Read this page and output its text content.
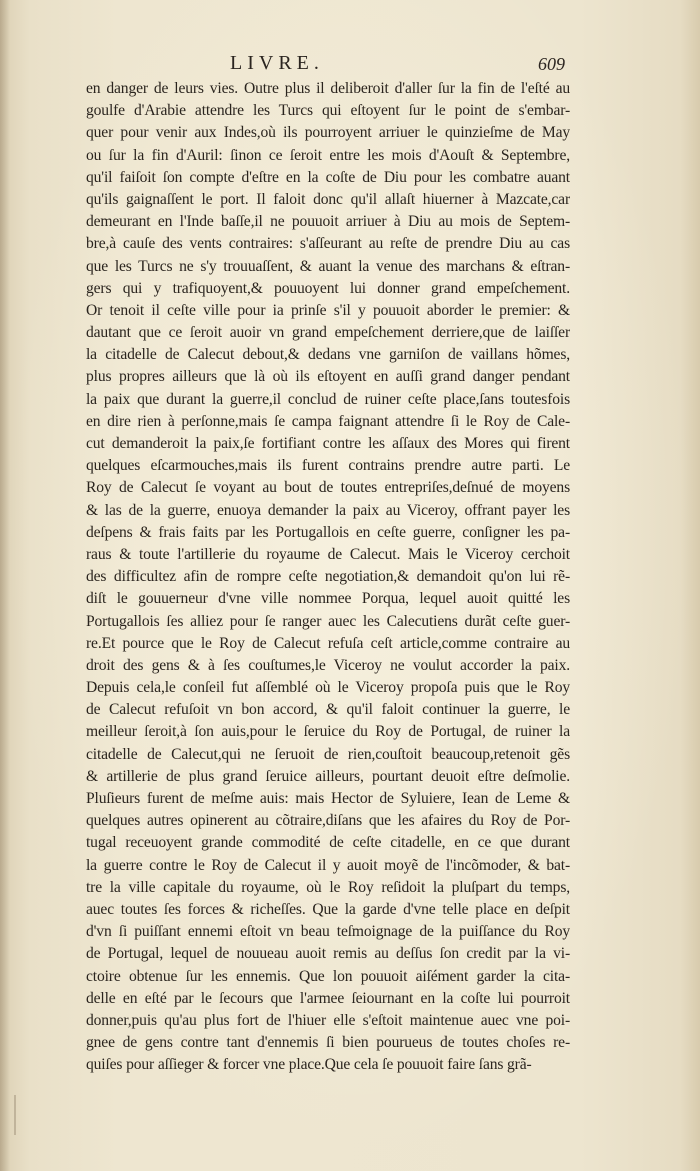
LIVRE.	609
en danger de leurs vies. Outre plus il deliberoit d'aller ſur la fin de l'eſté au
goulfe d'Arabie attendre les Turcs qui eſtoyent ſur le point de s'embar-
quer pour venir aux Indes,où ils pourroyent arriuer le quinzieſme de May
ou ſur la fin d'Auril: ſinon ce ſeroit entre les mois d'Aouſt & Septembre,
qu'il faiſoit ſon compte d'eſtre en la coſte de Diu pour les combatre auant
qu'ils gaignaſſent le port. Il faloit donc qu'il allaſt hiuerner à Mazcate,car
demeurant en l'Inde baſſe,il ne pouuoit arriuer à Diu au mois de Septem-
bre,à cauſe des vents contraires: s'aſſeurant au reſte de prendre Diu au cas
que les Turcs ne s'y trouuaſſent, & auant la venue des marchans & eſtran-
gers qui y trafiquoyent,& pouuoyent lui donner grand empeſchement.
Or tenoit il ceſte ville pour ia prinſe s'il y pouuoit aborder le premier: &
dautant que ce ſeroit auoir vn grand empeſchement derriere,que de laiſſer
la citadelle de Calecut debout,& dedans vne garniſon de vaillans hõmes,
plus propres ailleurs que là où ils eſtoyent en auſſi grand danger pendant
la paix que durant la guerre,il conclud de ruiner ceſte place,ſans toutesfois
en dire rien à perſonne,mais ſe campa faignant attendre ſi le Roy de Cale-
cut demanderoit la paix,ſe fortifiant contre les aſſaux des Mores qui firent
quelques eſcarmouches,mais ils furent contrains prendre autre parti. Le
Roy de Calecut ſe voyant au bout de toutes entrepriſes,deſnué de moyens
& las de la guerre, enuoya demander la paix au Viceroy, offrant payer les
deſpens & frais faits par les Portugallois en ceſte guerre, conſigner les pa-
raus & toute l'artillerie du royaume de Calecut. Mais le Viceroy cerchoit
des difficultez afin de rompre ceſte negotiation,& demandoit qu'on lui rẽ-
diſt le gouuerneur d'vne ville nommee Porqua, lequel auoit quitté les
Portugallois ſes alliez pour ſe ranger auec les Calecutiens durãt ceſte guer-
re.Et pource que le Roy de Calecut refuſa ceſt article,comme contraire au
droit des gens & à ſes couſtumes,le Viceroy ne voulut accorder la paix.
Depuis cela,le conſeil fut aſſemblé où le Viceroy propoſa puis que le Roy
de Calecut refuſoit vn bon accord, & qu'il faloit continuer la guerre, le
meilleur ſeroit,à ſon auis,pour le ſeruice du Roy de Portugal, de ruiner la
citadelle de Calecut,qui ne ſeruoit de rien,couſtoit beaucoup,retenoit gẽs
& artillerie de plus grand ſeruice ailleurs, pourtant deuoit eſtre deſmolie.
Pluſieurs furent de meſme auis: mais Hector de Syluiere, Iean de Leme &
quelques autres opinerent au cõtraire,diſans que les afaires du Roy de Por-
tugal receuoyent grande commodité de ceſte citadelle, en ce que durant
la guerre contre le Roy de Calecut il y auoit moyẽ de l'incõmoder, & bat-
tre la ville capitale du royaume, où le Roy reſidoit la pluſpart du temps,
auec toutes ſes forces & richeſſes. Que la garde d'vne telle place en deſpit
d'vn ſi puiſſant ennemi eſtoit vn beau teſmoignage de la puiſſance du Roy
de Portugal, lequel de nouueau auoit remis au deſſus ſon credit par la vi-
ctoire obtenue ſur les ennemis. Que lon pouuoit aiſément garder la cita-
delle en eſté par le ſecours que l'armee ſeiournant en la coſte lui pourroit
donner,puis qu'au plus fort de l'hiuer elle s'eſtoit maintenue auec vne poi-
gnee de gens contre tant d'ennemis ſi bien pourueus de toutes choſes re-
quiſes pour aſſieger & forcer vne place.Que cela ſe pouuoit faire ſans grã-
